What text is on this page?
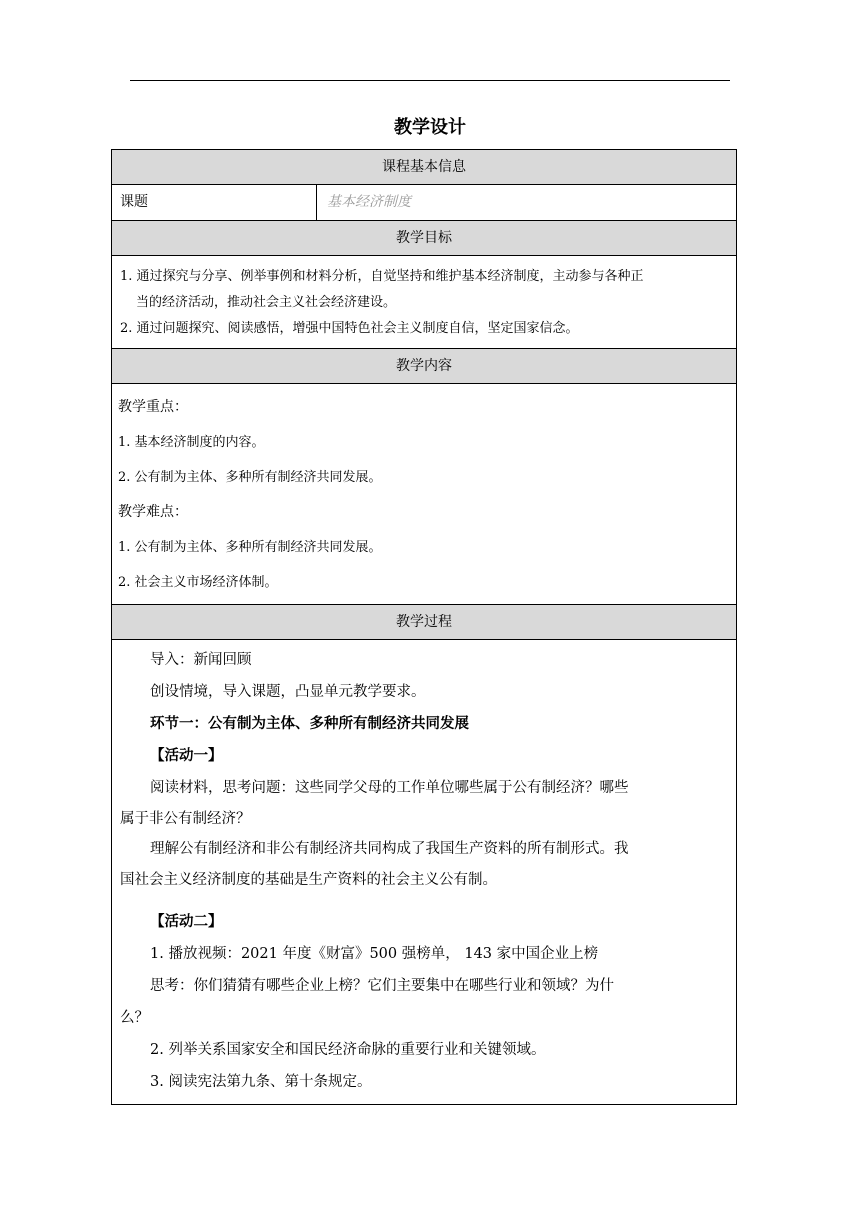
教学设计
课程基本信息
课题	基本经济制度
教学目标

1. 通过探究与分享、例举事例和材料分析，自觉坚持和维护基本经济制度，主动参与各种正

当的经济活动，推动社会主义社会经济建设。

2. 通过问题探究、阅读感悟，增强中国特色社会主义制度自信，坚定国家信念。

教学内容

教学重点：

1. 基本经济制度的内容。

2. 公有制为主体、多种所有制经济共同发展。

教学难点：

1. 公有制为主体、多种所有制经济共同发展。

2. 社会主义市场经济体制。

教学过程

导入：新闻回顾

创设情境，导入课题，凸显单元教学要求。

环节一：公有制为主体、多种所有制经济共同发展

【活动一】

阅读材料，思考问题：这些同学父母的工作单位哪些属于公有制经济？哪些

属于非公有制经济？

理解公有制经济和非公有制经济共同构成了我国生产资料的所有制形式。我

国社会主义经济制度的基础是生产资料的社会主义公有制。

【活动二】

1. 播放视频：2021 年度《财富》500 强榜单， 143 家中国企业上榜

思考：你们猜猜有哪些企业上榜？它们主要集中在哪些行业和领域？为什

么？

2. 列举关系国家安全和国民经济命脉的重要行业和关键领域。

3. 阅读宪法第九条、第十条规定。
